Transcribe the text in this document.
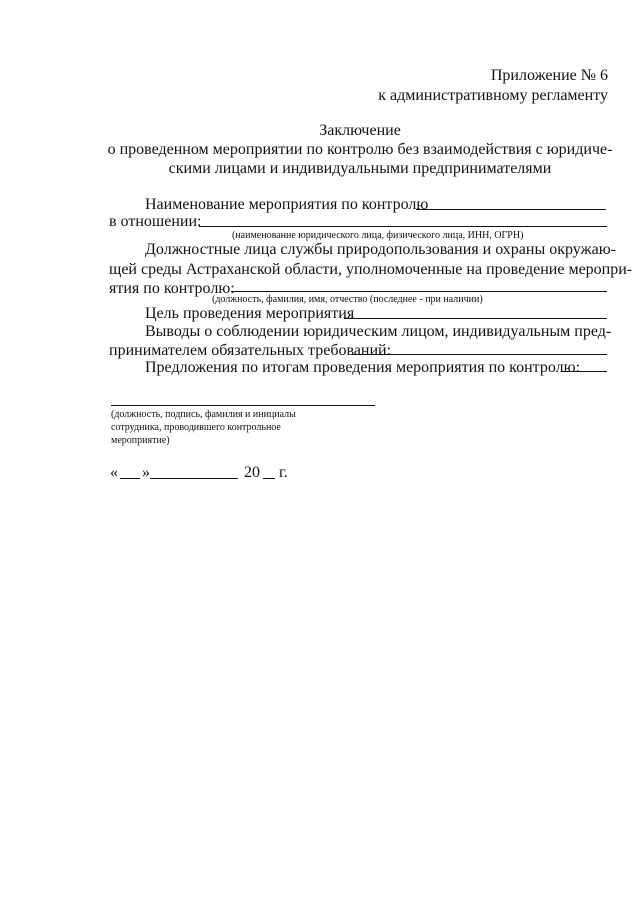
Приложение № 6
к административному регламенту
Заключение
о проведенном мероприятии по контролю без взаимодействия с юридиче-
скими лицами и индивидуальными предпринимателями
Наименование мероприятия по контролю
в отношении:
(наименование юридического лица, физического лица, ИНН, ОГРН)
Должностные лица службы природопользования и охраны окружаю-
щей среды Астраханской области, уполномоченные на проведение меропри-
ятия по контролю:
(должность, фамилия, имя, отчество (последнее - при наличии)
Цель проведения мероприятия
Выводы о соблюдении юридическим лицом, индивидуальным пред-
принимателем обязательных требований:
Предложения по итогам проведения мероприятия по контролю:
(должность, подпись, фамилия и инициалы
сотрудника, проводившего контрольное
мероприятие)
« »	20 г.
